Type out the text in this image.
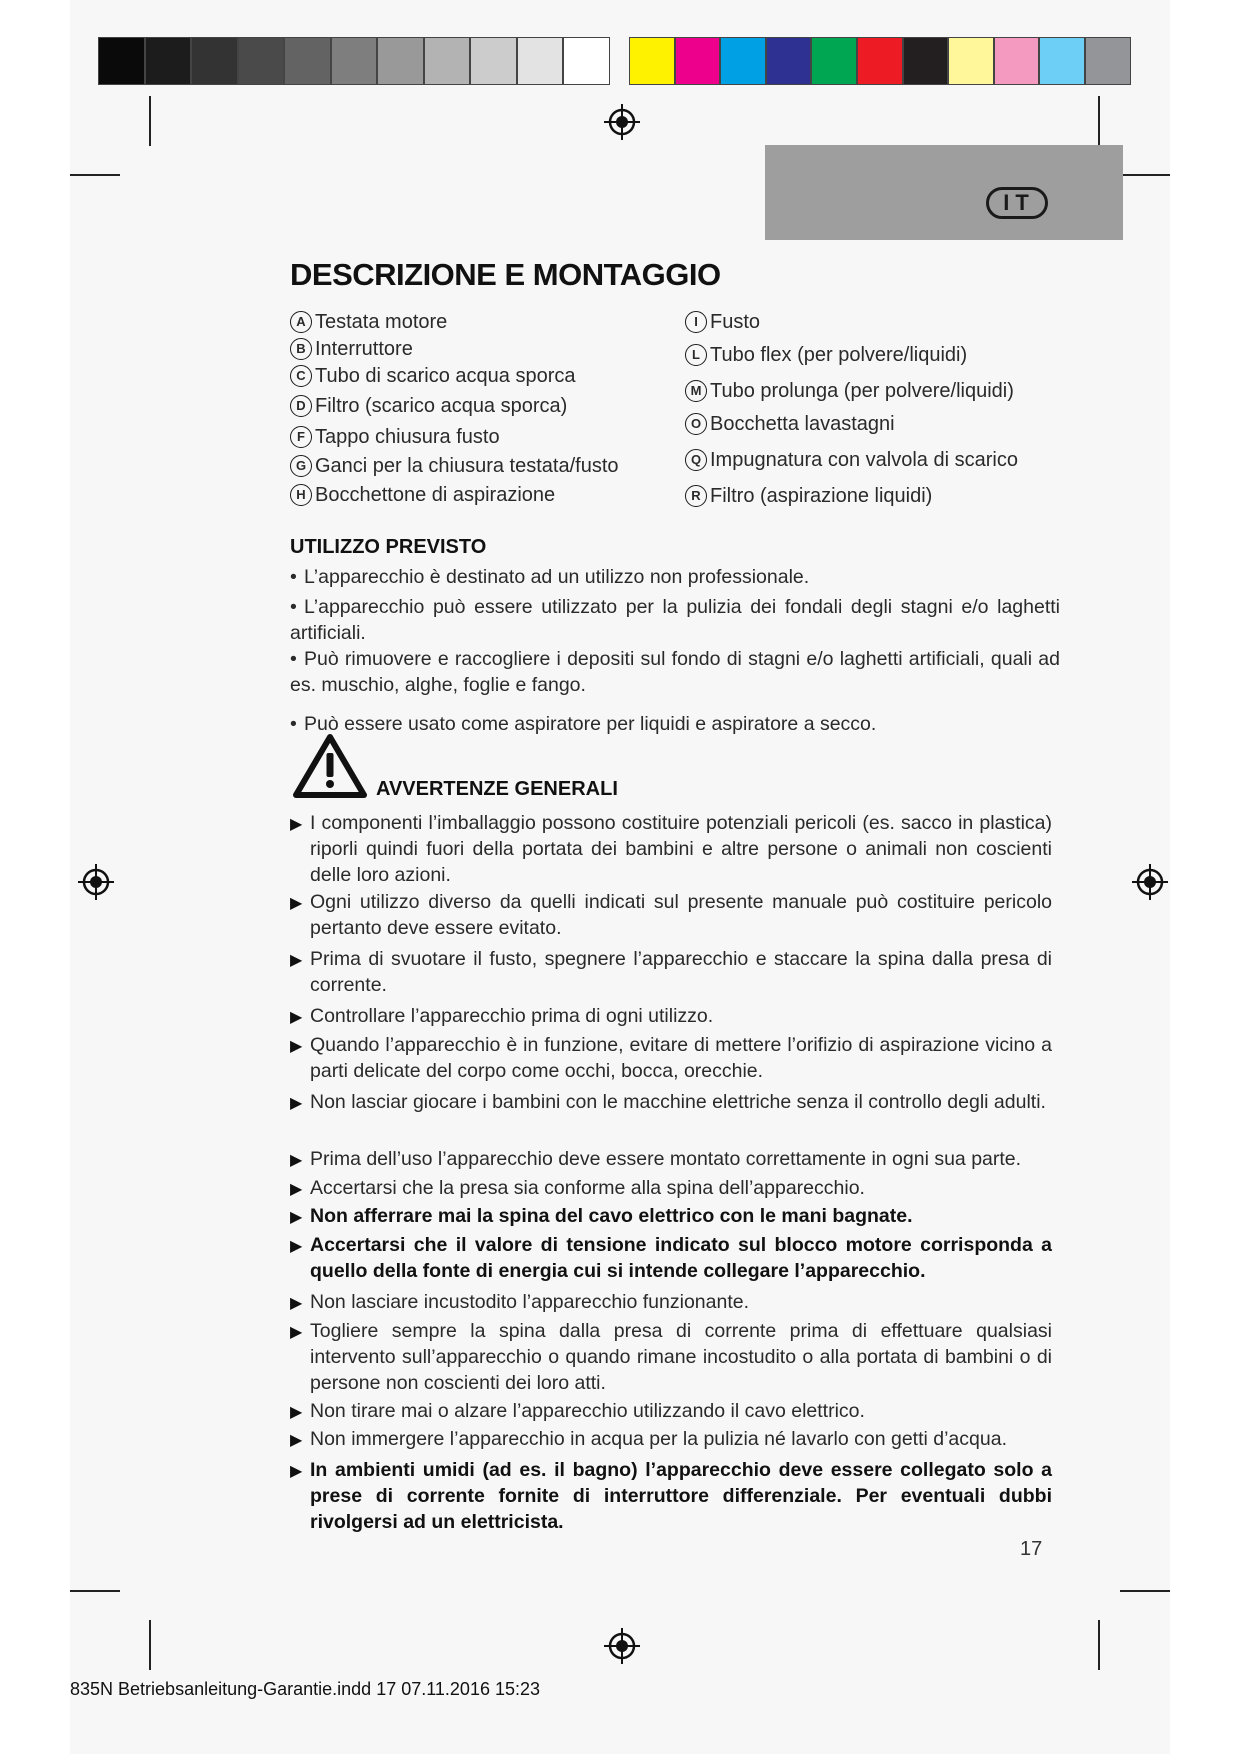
IT
DESCRIZIONE E MONTAGGIO
A Testata motore
B Interruttore
C Tubo di scarico acqua sporca
D Filtro (scarico acqua sporca)
F Tappo chiusura fusto
G Ganci per la chiusura testata/fusto
H Bocchettone di aspirazione
I Fusto
L Tubo flex (per polvere/liquidi)
M Tubo prolunga (per polvere/liquidi)
O Bocchetta lavastagni
Q Impugnatura con valvola di scarico
R Filtro (aspirazione liquidi)
UTILIZZO PREVISTO
• L’apparecchio è destinato ad un utilizzo non professionale.
• L’apparecchio può essere utilizzato per la pulizia dei fondali degli stagni e/o laghetti artificiali.
• Può rimuovere e raccogliere i depositi sul fondo di stagni e/o laghetti artificiali, quali ad es. muschio, alghe, foglie e fango.
• Può essere usato come aspiratore per liquidi e aspiratore a secco.
AVVERTENZE GENERALI
▶ I componenti l’imballaggio possono costituire potenziali pericoli (es. sacco in plastica) riporli quindi fuori della portata dei bambini e altre persone o animali non coscienti delle loro azioni.
▶ Ogni utilizzo diverso da quelli indicati sul presente manuale può costituire pericolo pertanto deve essere evitato.
▶ Prima di svuotare il fusto, spegnere l’apparecchio e staccare la spina dalla presa di corrente.
▶ Controllare l’apparecchio prima di ogni utilizzo.
▶ Quando l’apparecchio è in funzione, evitare di mettere l’orifizio di aspirazione vicino a parti delicate del corpo come occhi, bocca, orecchie.
▶ Non lasciar giocare i bambini con le macchine elettriche senza il controllo degli adulti.
▶ Prima dell’uso l’apparecchio deve essere montato correttamente in ogni sua parte.
▶ Accertarsi che la presa sia conforme alla spina dell’apparecchio.
▶ Non afferrare mai la spina del cavo elettrico con le mani bagnate.
▶ Accertarsi che il valore di tensione indicato sul blocco motore corrisponda a quello della fonte di energia cui si intende collegare l’apparecchio.
▶ Non lasciare incustodito l’apparecchio funzionante.
▶ Togliere sempre la spina dalla presa di corrente prima di effettuare qualsiasi intervento sull’apparecchio o quando rimane incostudito o alla portata di bambini o di persone non coscienti dei loro atti.
▶ Non tirare mai o alzare l’apparecchio utilizzando il cavo elettrico.
▶ Non immergere l’apparecchio in acqua per la pulizia né lavarlo con getti d’acqua.
▶ In ambienti umidi (ad es. il bagno) l’apparecchio deve essere collegato solo a prese di corrente fornite di interruttore differenziale. Per eventuali dubbi rivolgersi ad un elettricista.
17
835N Betriebsanleitung-Garantie.indd 17 07.11.2016 15:23
